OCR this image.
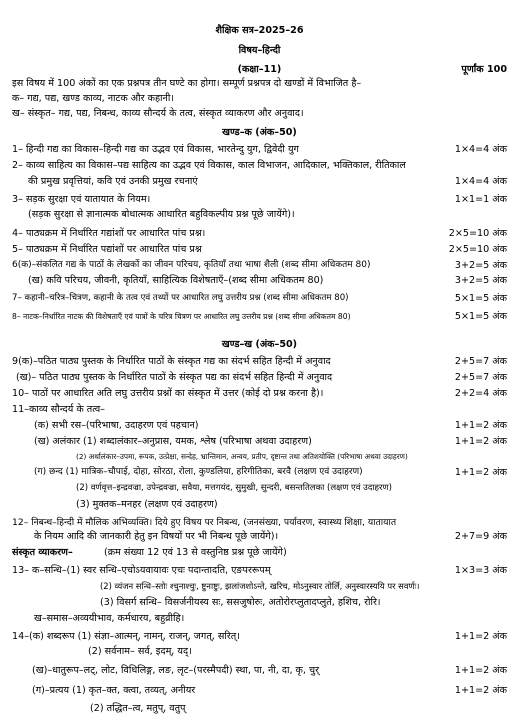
शैक्षिक सत्र–2025–26
विषय–हिन्दी
(कक्षा–11)	पूर्णांक 100
इस विषय में 100 अंकों का एक प्रश्नपत्र तीन घण्टे का होगा। सम्पूर्ण प्रश्नपत्र दो खण्डों में विभाजित है–
क– गद्य, पद्य, खण्ड काव्य, नाटक और कहानी।
ख– संस्कृत– गद्य, पद्य, निबन्ध, काव्य सौन्दर्य के तत्व, संस्कृत व्याकरण और अनुवाद।
खण्ड–क (अंक–50)
1– हिन्दी गद्य का विकास–हिन्दी गद्य का उद्भव एवं विकास, भारतेन्दु युग, द्विवेदी युग	1×4=4 अंक
2– काव्य साहित्य का विकास–पद्य साहित्य का उद्भव एवं विकास, काल विभाजन, आदिकाल, भक्तिकाल, रीतिकाल
की प्रमुख प्रवृत्तियां, कवि एवं उनकी प्रमुख रचनाएं	1×4=4 अंक
3– सड़क सुरक्षा एवं यातायात के नियम।	1×1=1 अंक
(सड़क सुरक्षा से ज्ञानात्मक बोधात्मक आधारित बहुविकल्पीय प्रश्न पूछे जायेंगे)।
4– पाठ्यक्रम में निर्धारित गद्यांशों पर आधारित पांच प्रश्न।	2×5=10 अंक
5– पाठ्यक्रम में निर्धारित पद्यांशों पर आधारित पांच प्रश्न	2×5=10 अंक
6(क)–संकलित गद्य के पाठों के लेखकों का जीवन परिचय, कृतियाँ तथा भाषा शैली (शब्द सीमा अधिकतम 80)	3+2=5 अंक
(ख) कवि परिचय, जीवनी, कृतियाँ, साहित्यिक विशेषताएँ–(शब्द सीमा अधिकतम 80)	3+2=5 अंक
7– कहानी–चरित्र–चित्रण, कहानी के तत्व एवं तथ्यों पर आधारित लघु उत्तरीय प्रश्न (शब्द सीमा अधिकतम 80)	5×1=5 अंक
8– नाटक–निर्धारित नाटक की विशेषताएँ एवं पात्रों के चरित्र चित्रण पर आधारित लघु उत्तरीय प्रश्न (शब्द सीमा अधिकतम 80)	5×1=5 अंक
खण्ड–ख (अंक–50)
9(क)–पठित पाठ्य पुस्तक के निर्धारित पाठों के संस्कृत गद्य का संदर्भ सहित हिन्दी में अनुवाद	2+5=7 अंक
(ख)– पठित पाठ्य पुस्तक के निर्धारित पाठों के संस्कृत पद्य का संदर्भ सहित हिन्दी में अनुवाद	2+5=7 अंक
10– पाठों पर आधारित अति लघु उत्तरीय प्रश्नों का संस्कृत में उत्तर (कोई दो प्रश्न करना है)।	2+2=4 अंक
11–काव्य सौन्दर्य के तत्व–
(क) सभी रस–(परिभाषा, उदाहरण एवं पहचान)	1+1=2 अंक
(ख) अलंकार (1) शब्दालंकार–अनुप्रास, यमक, श्लेष (परिभाषा अथवा उदाहरण)	1+1=2 अंक
(2) अर्थालंकार–उपमा, रूपक, उत्प्रेक्षा, सन्देह, भ्रान्तिमान, अन्वय, प्रतीप, दृष्टान्त तथा अतिशयोक्ति (परिभाषा अथवा उदाहरण)
(ग) छन्द (1) मात्रिक–चौपाई, दोहा, सोरठा, रोला, कुण्डलिया, हरिगीतिका, बरवै (लक्षण एवं उदाहरण)	1+1=2 अंक
(2) वर्णवृत्त–इन्द्रवज्रा, उपेन्द्रवज्रा, सवैया, मत्तगयंद, सुमुखी, सुन्दरी, बसन्ततिलका (लक्षण एवं उदाहरण)
(3) मुक्तक–मनहर (लक्षण एवं उदाहरण)
12– निबन्ध–हिन्दी में मौलिक अभिव्यक्ति। दिये हुए विषय पर निबन्ध, (जनसंख्या, पर्यावरण, स्वास्थ्य शिक्षा, यातायात
के नियम आदि की जानकारी हेतु इन विषयों पर भी निबन्ध पूछे जायेंगे)।	2+7=9 अंक
संस्कृत व्याकरण–	(क्रम संख्या 12 एवं 13 से वस्तुनिष्ठ प्रश्न पूछे जायेंगे)
13– क–सन्धि–(1) स्वर सन्धि–एचोऽयवायावः एचः पदान्तादति, एङपररूपम्	1×3=3 अंक
(2) व्यंजन सन्धि–स्तोः श्चुनाश्चुः, ष्टुनाष्टुः, झलांजशोऽन्ते, खरिच, मोऽनुस्वार तोर्लि, अनुस्वारस्ययि पर सवर्णः।
(3) विसर्ग सन्धि– विसर्जनीयस्य सः, ससजुषोरुः, अतोरोरप्लुतादप्लुते, हशिच, रोरि।
ख–समास–अव्ययीभाव, कर्मधारय, बहुव्रीहि।
14–(क) शब्दरूप (1) संज्ञा–आत्मन्, नामन्, राजन्, जगत्, सरित्।	1+1=2 अंक
(2) सर्वनाम– सर्व, इदम्, यद्।
(ख)–धातुरूप–लट्, लोट, विधिलिङ्ग, लङ, लृट–(परस्मैपदी) स्था, पा, नी, दा, कृ, चुर्	1+1=2 अंक
(ग)–प्रत्यय (1) कृत–क्त, क्त्वा, तव्यत्, अनीयर	1+1=2 अंक
(2) तद्धित–त्व, मतुप्, वतुप्
